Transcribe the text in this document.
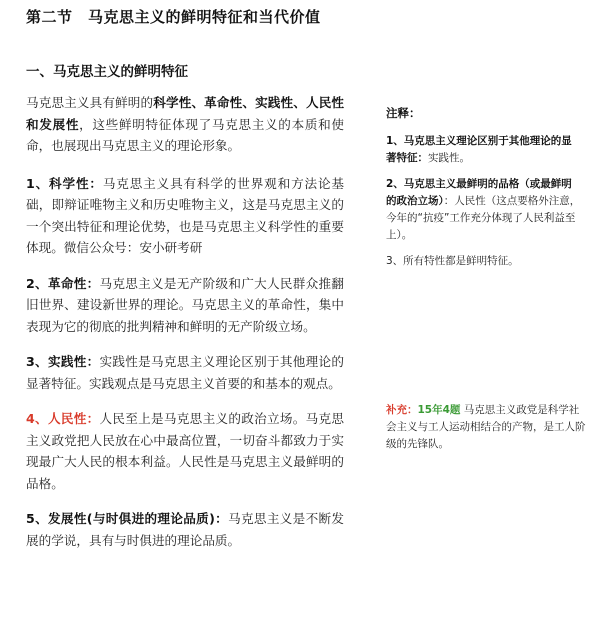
第二节　马克思主义的鲜明特征和当代价值
一、马克思主义的鲜明特征

马克思主义具有鲜明的科学性、革命性、实践性、人民性和发展性，这些鲜明特征体现了马克思主义的本质和使命，也展现出马克思主义的理论形象。

1、科学性：马克思主义具有科学的世界观和方法论基础，即辩证唯物主义和历史唯物主义，这是马克思主义的一个突出特征和理论优势，也是马克思主义科学性的重要体现。微信公众号：安小研考研

2、革命性：马克思主义是无产阶级和广大人民群众推翻旧世界、建设新世界的理论。马克思主义的革命性，集中表现为它的彻底的批判精神和鲜明的无产阶级立场。

3、实践性：实践性是马克思主义理论区别于其他理论的显著特征。实践观点是马克思主义首要的和基本的观点。

4、人民性：人民至上是马克思主义的政治立场。马克思主义政党把人民放在心中最高位置，一切奋斗都致力于实现最广大人民的根本利益。人民性是马克思主义最鲜明的品格。

5、发展性(与时俱进的理论品质)：马克思主义是不断发展的学说，具有与时俱进的理论品质。

注释：

1、马克思主义理论区别于其他理论的显著特征：实践性。

2、马克思主义最鲜明的品格（或最鲜明的政治立场）：人民性（这点要格外注意，今年的“抗疫”工作充分体现了人民利益至上）。

3、所有特性都是鲜明特征。

补充：15年4题 马克思主义政党是科学社会主义与工人运动相结合的产物，是工人阶级的先锋队。
